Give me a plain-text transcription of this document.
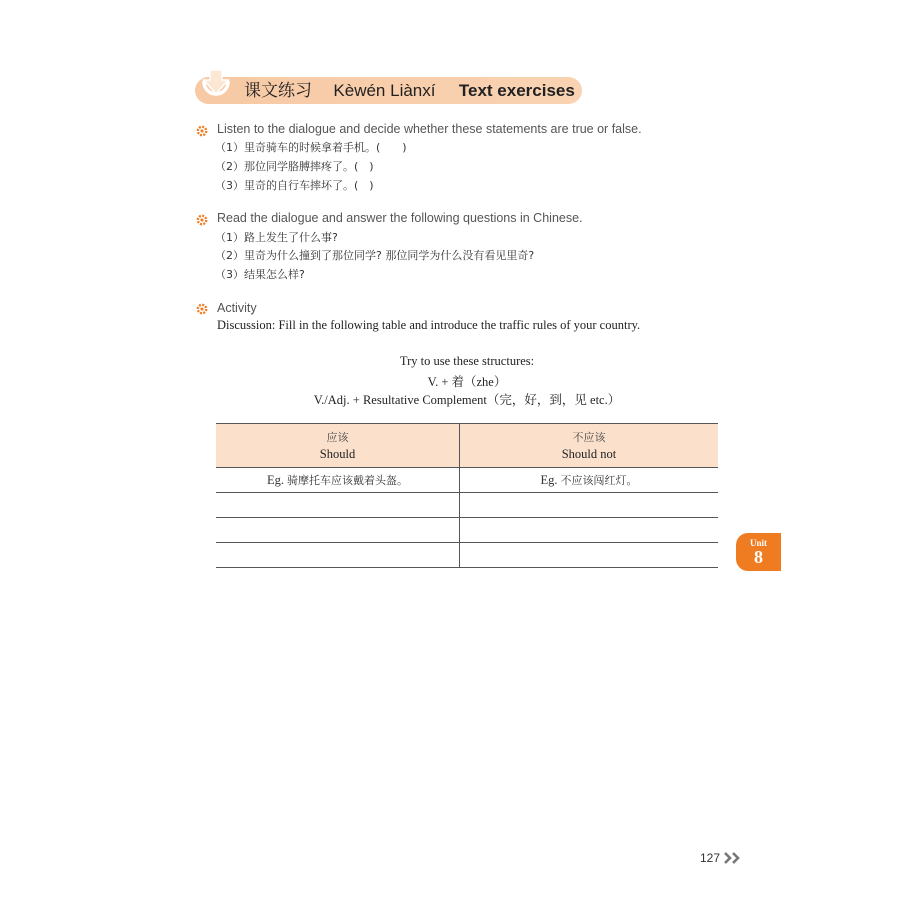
课文练习 Kèwén Liànxí Text exercises
Listen to the dialogue and decide whether these statements are true or false.
（1）里奇骑车的时候拿着手机。(　　)
（2）那位同学胳膊摔疼了。(　)
（3）里奇的自行车摔坏了。(　)
Read the dialogue and answer the following questions in Chinese.
（1）路上发生了什么事?
（2）里奇为什么撞到了那位同学? 那位同学为什么没有看见里奇?
（3）结果怎么样?
Activity
Discussion: Fill in the following table and introduce the traffic rules of your country.
Try to use these structures:
V. + 着（zhe）
V./Adj. + Resultative Complement（完，好，到，见 etc.）
应该
Should
不应该
Should not
Eg. 骑摩托车应该戴着头盔。	Eg. 不应该闯红灯。
Unit
8
127
